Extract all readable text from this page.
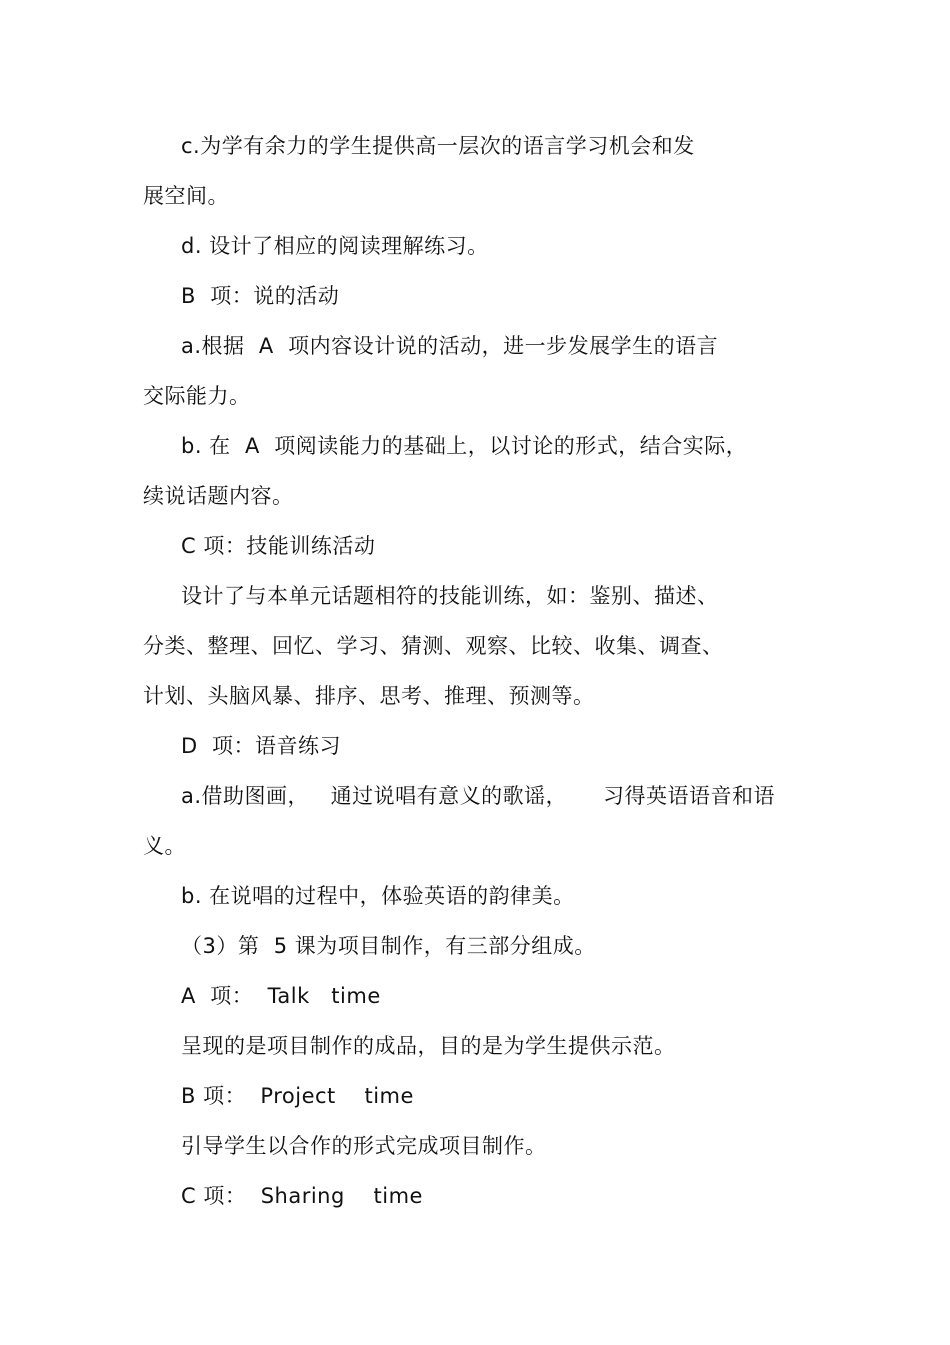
c.为学有余力的学生提供高一层次的语言学习机会和发
展空间。
d. 设计了相应的阅读理解练习。
B  项：说的活动
a.根据  A  项内容设计说的活动，进一步发展学生的语言
交际能力。
b. 在  A  项阅读能力的基础上，以讨论的形式，结合实际，
续说话题内容。
C 项：技能训练活动
设计了与本单元话题相符的技能训练，如：鉴别、描述、
分类、整理、回忆、学习、猜测、观察、比较、收集、调查、
计划、头脑风暴、排序、思考、推理、预测等。
D  项：语音练习
a.借助图画，   通过说唱有意义的歌谣，     习得英语语音和语
义。
b. 在说唱的过程中，体验英语的韵律美。
（3）第  5 课为项目制作，有三部分组成。
A  项：  Talk   time
呈现的是项目制作的成品，目的是为学生提供示范。
B 项：  Project    time
引导学生以合作的形式完成项目制作。
C 项：  Sharing    time
